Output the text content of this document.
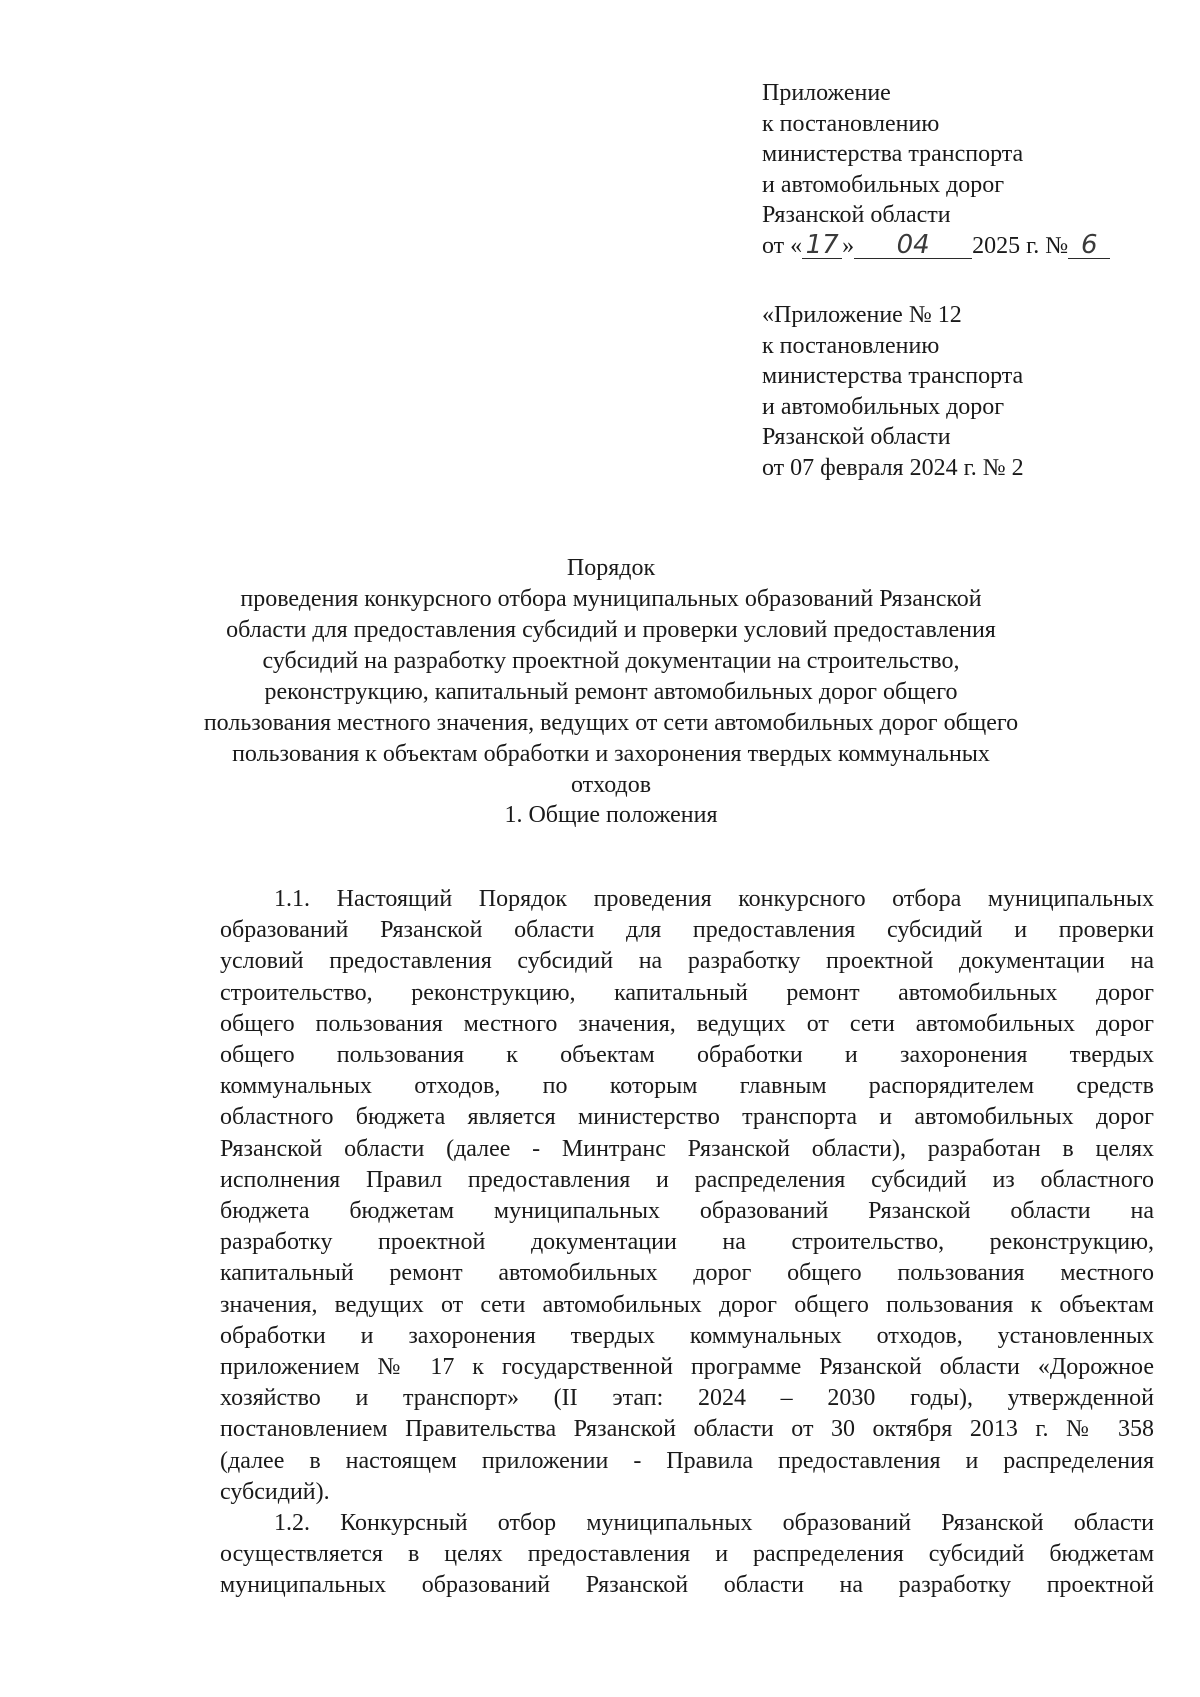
Приложение
к постановлению
министерства транспорта
и автомобильных дорог
Рязанской области
от « 17 »	04	2025 г. № 6
«Приложение № 12
к постановлению
министерства транспорта
и автомобильных дорог
Рязанской области
от 07 февраля 2024 г. № 2
Порядок
проведения конкурсного отбора муниципальных образований Рязанской
области для предоставления субсидий и проверки условий предоставления
субсидий на разработку проектной документации на строительство,
реконструкцию, капитальный ремонт автомобильных дорог общего
пользования местного значения, ведущих от сети автомобильных дорог общего
пользования к объектам обработки и захоронения твердых коммунальных
отходов
1. Общие положения
1.1. Настоящий Порядок проведения конкурсного отбора муниципальных
образований Рязанской области для предоставления субсидий и проверки
условий предоставления субсидий на разработку проектной документации на
строительство, реконструкцию, капитальный ремонт автомобильных дорог
общего пользования местного значения, ведущих от сети автомобильных дорог
общего пользования к объектам обработки и захоронения твердых
коммунальных отходов, по которым главным распорядителем средств
областного бюджета является министерство транспорта и автомобильных дорог
Рязанской области (далее - Минтранс Рязанской области), разработан в целях
исполнения Правил предоставления и распределения субсидий из областного
бюджета бюджетам муниципальных образований Рязанской области на
разработку проектной документации на строительство, реконструкцию,
капитальный ремонт автомобильных дорог общего пользования местного
значения, ведущих от сети автомобильных дорог общего пользования к объектам
обработки и захоронения твердых коммунальных отходов, установленных
приложением № 17 к государственной программе Рязанской области «Дорожное
хозяйство и транспорт» (II этап: 2024 – 2030 годы), утвержденной
постановлением Правительства Рязанской области от 30 октября 2013 г. № 358
(далее в настоящем приложении - Правила предоставления и распределения
субсидий).
1.2. Конкурсный отбор муниципальных образований Рязанской области
осуществляется в целях предоставления и распределения субсидий бюджетам
муниципальных образований Рязанской области на разработку проектной
